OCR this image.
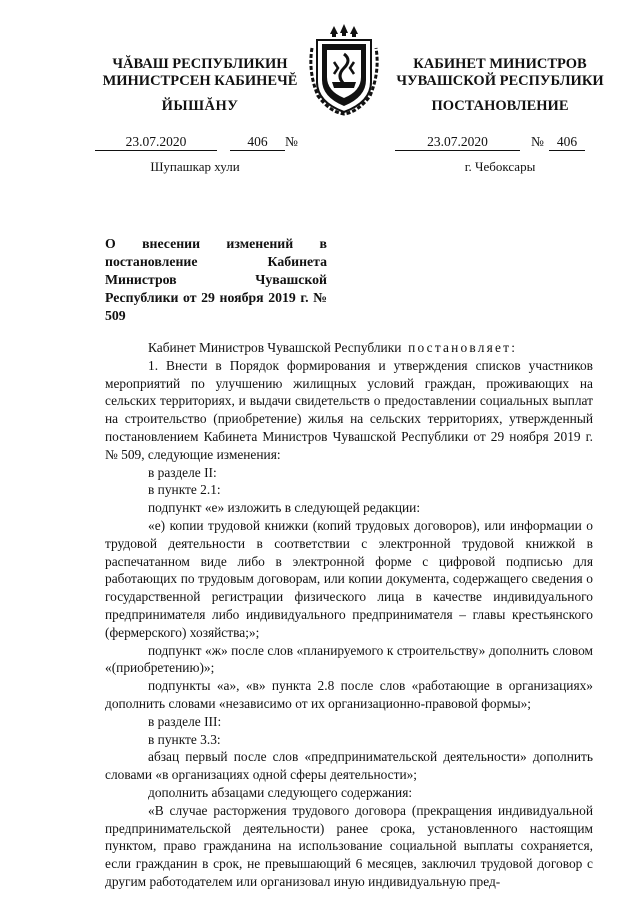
ЧĂВАШ РЕСПУБЛИКИН
МИНИСТРСЕН КАБИНЕЧĔ
ЙЫШĂНУ
КАБИНЕТ МИНИСТРОВ
ЧУВАШСКОЙ РЕСПУБЛИКИ
ПОСТАНОВЛЕНИЕ
23.07.2020	406	№	23.07.2020	№ 406
Шупашкар хули	г. Чебоксары
О внесении изменений в постановление Кабинета Министров Чувашской Республики от 29 ноября 2019 г. № 509

Кабинет Министров Чувашской Республики постановляет:

1. Внести в Порядок формирования и утверждения списков участников мероприятий по улучшению жилищных условий граждан, проживающих на сельских территориях, и выдачи свидетельств о предоставлении социальных выплат на строительство (приобретение) жилья на сельских территориях, утвержденный постановлением Кабинета Министров Чувашской Республики от 29 ноября 2019 г. № 509, следующие изменения:

в разделе II:

в пункте 2.1:

подпункт «е» изложить в следующей редакции:

«е) копии трудовой книжки (копий трудовых договоров), или информации о трудовой деятельности в соответствии с электронной трудовой книжкой в распечатанном виде либо в электронной форме с цифровой подписью для работающих по трудовым договорам, или копии документа, содержащего сведения о государственной регистрации физического лица в качестве индивидуального предпринимателя либо индивидуального предпринимателя – главы крестьянского (фермерского) хозяйства;»;

подпункт «ж» после слов «планируемого к строительству» дополнить словом «(приобретению)»;

подпункты «а», «в» пункта 2.8 после слов «работающие в организациях» дополнить словами «независимо от их организационно-правовой формы»;

в разделе III:

в пункте 3.3:

абзац первый после слов «предпринимательской деятельности» дополнить словами «в организациях одной сферы деятельности»;

дополнить абзацами следующего содержания:

«В случае расторжения трудового договора (прекращения индивидуальной предпринимательской деятельности) ранее срока, установленного настоящим пунктом, право гражданина на использование социальной выплаты сохраняется, если гражданин в срок, не превышающий 6 месяцев, заключил трудовой договор с другим работодателем или организовал иную индивидуальную пред-
